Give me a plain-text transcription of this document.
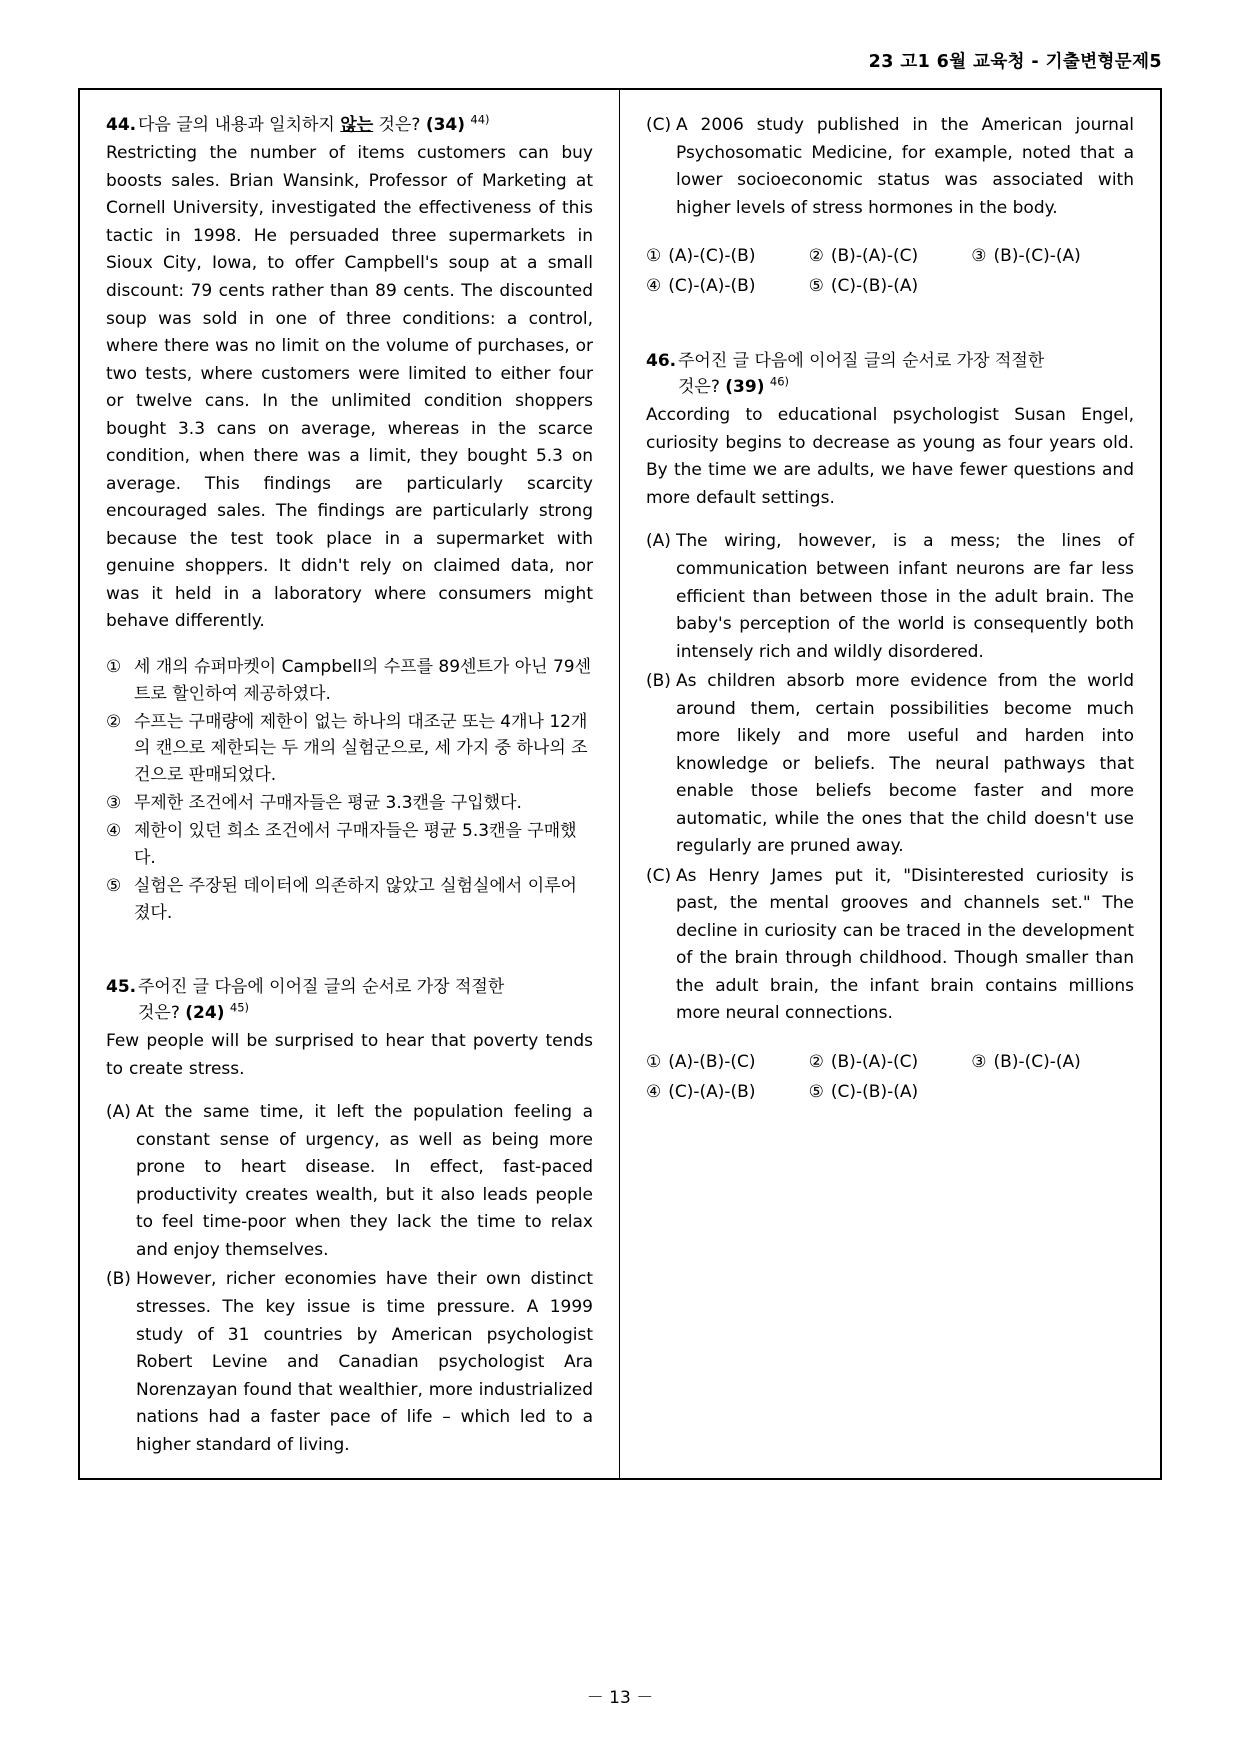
23 고1 6월 교육청 - 기출변형문제5

44. 다음 글의 내용과 일치하지 않는 것은? (34) $^{44)}$

Restricting the number of items customers can buy boosts sales. Brian Wansink, Professor of Marketing at Cornell University, investigated the effectiveness of this tactic in 1998. He persuaded three supermarkets in Sioux City, Iowa, to offer Campbell's soup at a small discount: 79 cents rather than 89 cents. The discounted soup was sold in one of three conditions: a control, where there was no limit on the volume of purchases, or two tests, where customers were limited to either four or twelve cans. In the unlimited condition shoppers bought 3.3 cans on average, whereas in the scarce condition, when there was a limit, they bought 5.3 on average. This findings are particularly scarcity encouraged sales. The findings are particularly strong because the test took place in a supermarket with genuine shoppers. It didn't rely on claimed data, nor was it held in a laboratory where consumers might behave differently.

① 세 개의 슈퍼마켓이 Campbell의 수프를 89센트가 아닌 79센트로 할인하여 제공하였다.
② 수프는 구매량에 제한이 없는 하나의 대조군 또는 4개나 12개의 캔으로 제한되는 두 개의 실험군으로, 세 가지 중 하나의 조건으로 판매되었다.
③ 무제한 조건에서 구매자들은 평균 3.3캔을 구입했다.
④ 제한이 있던 희소 조건에서 구매자들은 평균 5.3캔을 구매했다.
⑤ 실험은 주장된 데이터에 의존하지 않았고 실험실에서 이루어졌다.

45. 주어진 글 다음에 이어질 글의 순서로 가장 적절한
것은? (24) $^{45)}$

Few people will be surprised to hear that poverty tends to create stress.

(A) At the same time, it left the population feeling a constant sense of urgency, as well as being more prone to heart disease. In effect, fast-paced productivity creates wealth, but it also leads people to feel time-poor when they lack the time to relax and enjoy themselves.
(B) However, richer economies have their own distinct stresses. The key issue is time pressure. A 1999 study of 31 countries by American psychologist Robert Levine and Canadian psychologist Ara Norenzayan found that wealthier, more industrialized nations had a faster pace of life – which led to a higher standard of living.
(C) A 2006 study published in the American journal Psychosomatic Medicine, for example, noted that a lower socioeconomic status was associated with higher levels of stress hormones in the body.
① (A)-(C)-(B)	② (B)-(A)-(C)	③ (B)-(C)-(A)
④ (C)-(A)-(B)	⑤ (C)-(B)-(A)

46. 주어진 글 다음에 이어질 글의 순서로 가장 적절한
것은? (39) $^{46)}$

According to educational psychologist Susan Engel, curiosity begins to decrease as young as four years old. By the time we are adults, we have fewer questions and more default settings.

(A) The wiring, however, is a mess; the lines of communication between infant neurons are far less efficient than between those in the adult brain. The baby's perception of the world is consequently both intensely rich and wildly disordered.
(B) As children absorb more evidence from the world around them, certain possibilities become much more likely and more useful and harden into knowledge or beliefs. The neural pathways that enable those beliefs become faster and more automatic, while the ones that the child doesn't use regularly are pruned away.
(C) As Henry James put it, "Disinterested curiosity is past, the mental grooves and channels set." The decline in curiosity can be traced in the development of the brain through childhood. Though smaller than the adult brain, the infant brain contains millions more neural connections.
① (A)-(B)-(C)	② (B)-(A)-(C)	③ (B)-(C)-(A)
④ (C)-(A)-(B)	⑤ (C)-(B)-(A)
－ 13 －
